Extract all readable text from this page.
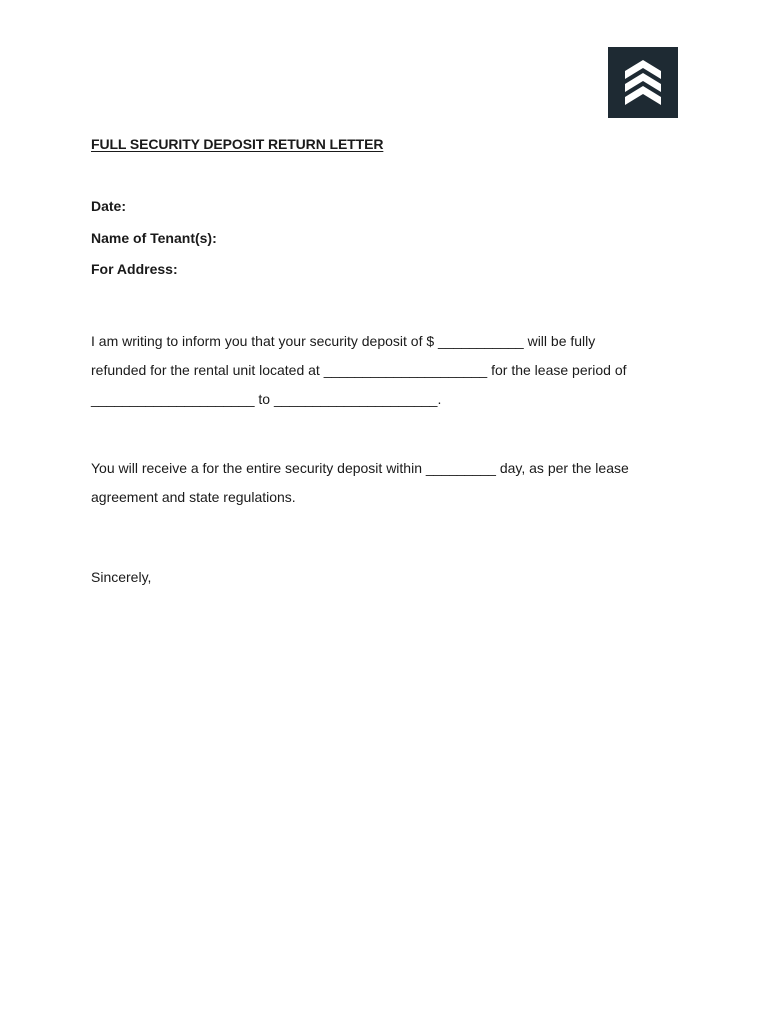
FULL SECURITY DEPOSIT RETURN LETTER

Date:

Name of Tenant(s):

For Address:

I am writing to inform you that your security deposit of $ ___________ will be fully

refunded for the rental unit located at _____________________ for the lease period of

_____________________ to _____________________.

You will receive a for the entire security deposit within _________ day, as per the lease

agreement and state regulations.

Sincerely,
